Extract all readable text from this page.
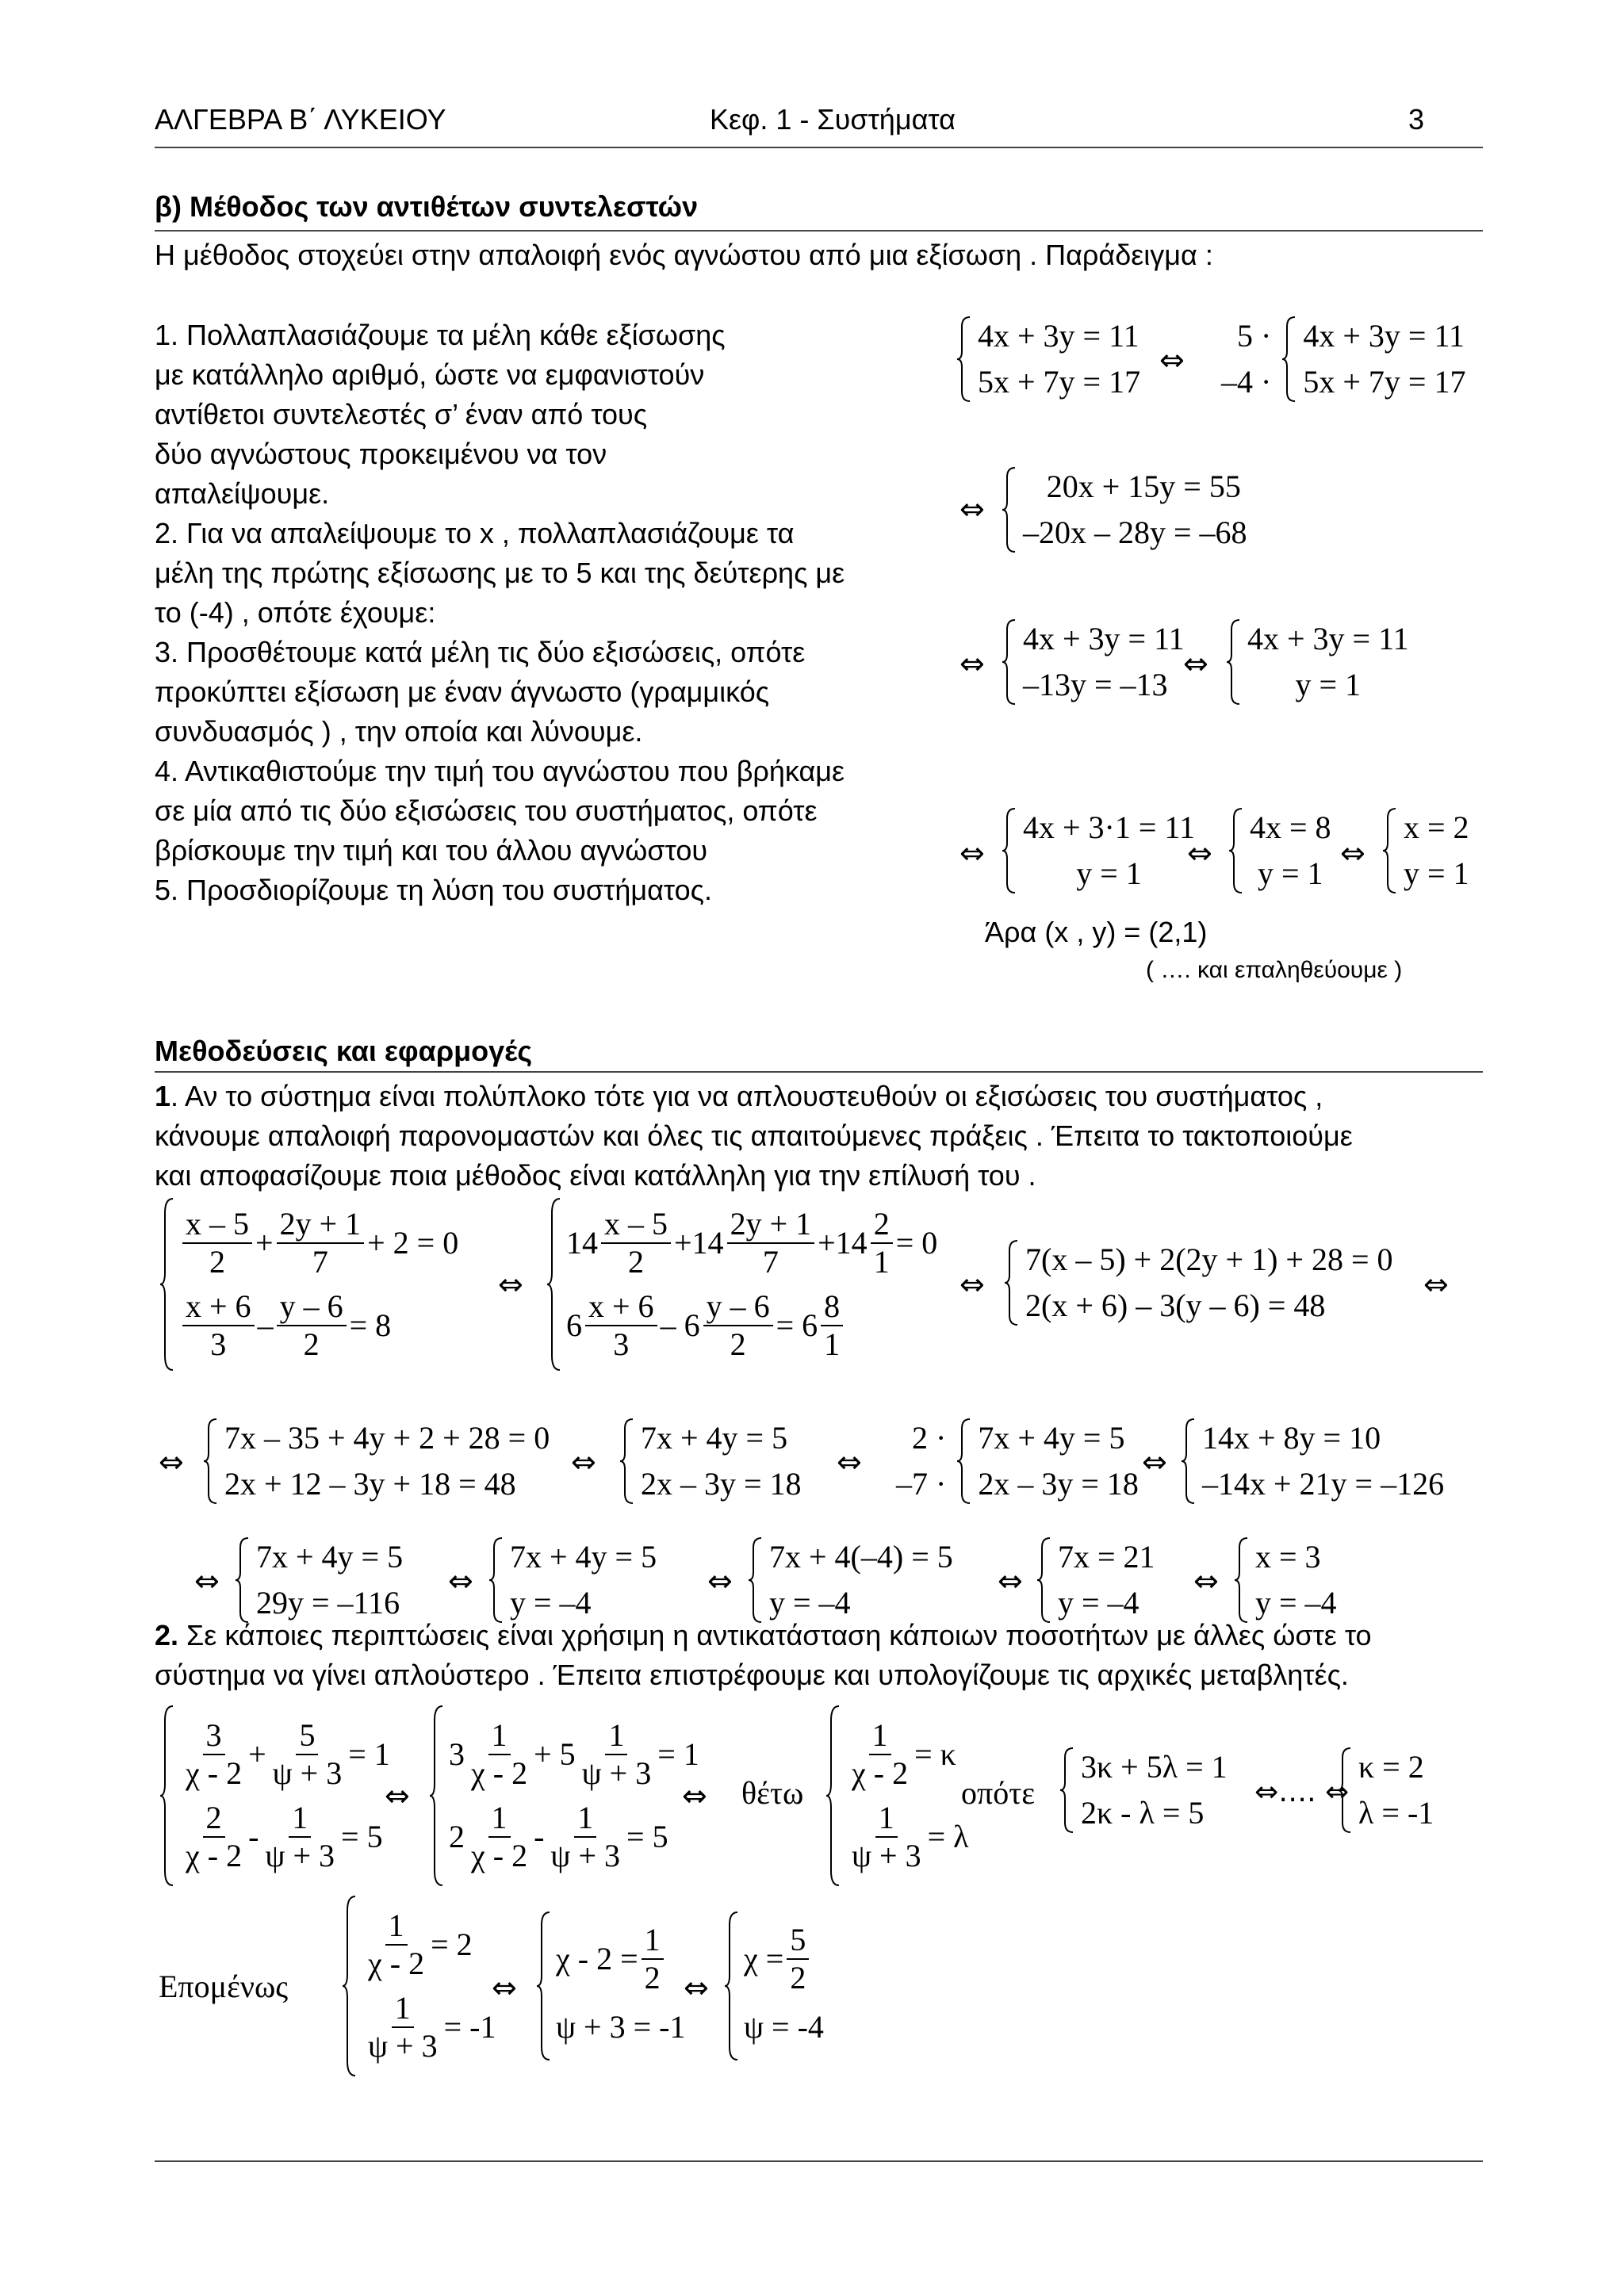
ΑΛΓΕΒΡΑ Β΄ ΛΥΚΕΙΟΥ	Κεφ. 1 - Συστήματα	3
β) Μέθοδος των αντιθέτων συντελεστών
Η μέθοδος στοχεύει στην απαλοιφή ενός αγνώστου από μια εξίσωση . Παράδειγμα :
1. Πολλαπλασιάζουμε τα μέλη κάθε εξίσωσης
με κατάλληλο αριθμό, ώστε να εμφανιστούν
αντίθετοι συντελεστές σ’ έναν από τους
δύο αγνώστους προκειμένου να τον
απαλείψουμε.
2. Για να απαλείψουμε το x , πολλαπλασιάζουμε τα
μέλη της πρώτης εξίσωσης με το 5 και της δεύτερης με
το (-4) , οπότε έχουμε:
3. Προσθέτουμε κατά μέλη τις δύο εξισώσεις, οπότε
προκύπτει εξίσωση με έναν άγνωστο (γραμμικός
συνδυασμός ) , την οποία και λύνουμε.
4. Αντικαθιστούμε την τιμή του αγνώστου που βρήκαμε
σε μία από τις δύο εξισώσεις του συστήματος, οπότε
βρίσκουμε την τιμή και του άλλου αγνώστου
5. Προσδιορίζουμε τη λύση του συστήματος.
4x + 3y = 11
5x + 7y = 17
⇔
5 ·
–4 ·
4x + 3y = 11
5x + 7y = 17
⇔
20x + 15y = 55
–20x – 28y = –68
⇔
4x + 3y = 11
–13y = –13
⇔
4x + 3y = 11
y = 1
⇔
4x + 3·1 = 11
y = 1
⇔
4x = 8
y = 1
⇔
x = 2
y = 1
Άρα (x , y) = (2,1)
( …. και επαληθεύουμε )
Μεθοδεύσεις και εφαρμογές
1. Αν το σύστημα είναι πολύπλοκο τότε για να απλουστευθούν οι εξισώσεις του συστήματος ,
κάνουμε απαλοιφή παρονομαστών και όλες τις απαιτούμενες πράξεις . Έπειτα το τακτοποιούμε
και αποφασίζουμε ποια μέθοδος είναι κατάλληλη για την επίλυσή του .
$\frac{x - 5}{2} + \frac{2y + 1}{7} + 2 = 0$
$\frac{x + 6}{3} - \frac{y - 6}{2} = 8$
⇔
$14 \frac{x - 5}{2} +14 \frac{2y + 1}{7} +14 \frac{2}{1} = 0$
$6 \frac{x + 6}{3} - 6 \frac{y - 6}{2} = 6 \frac{8}{1}$
⇔
7(x – 5) + 2(2y + 1) + 28 = 0
2(x + 6) – 3(y – 6) = 48
⇔
⇔
7x – 35 + 4y + 2 + 28 = 0
2x + 12 – 3y + 18 = 48
⇔
7x + 4y = 5
2x – 3y = 18
⇔
2 ·
–7 ·
7x + 4y = 5
2x – 3y = 18
⇔
14x + 8y = 10
–14x + 21y = –126
⇔
7x + 4y = 5
29y = –116
⇔
7x + 4y = 5
y = –4
⇔
7x + 4(–4) = 5
y = –4
⇔
7x = 21
y = –4
⇔
x = 3
y = –4
2. Σε κάποιες περιπτώσεις είναι χρήσιμη η αντικατάσταση κάποιων ποσοτήτων με άλλες ώστε το
σύστημα να γίνει απλούστερο . Έπειτα επιστρέφουμε και υπολογίζουμε τις αρχικές μεταβλητές.
$\frac{3}{\chi - 2} + \frac{5}{\psi + 3} = 1$
$\frac{2}{\chi - 2} - \frac{1}{\psi + 3} = 5$
⇔
$3 \frac{1}{\chi - 2} + 5 \frac{1}{\psi + 3} = 1$
$2 \frac{1}{\chi - 2} - \frac{1}{\psi + 3} = 5$
⇔ θέτω
$\frac{1}{\chi - 2} = \kappa$
$\frac{1}{\psi + 3} = \lambda$
οπότε
3κ + 5λ = 1
2κ - λ = 5
⇔…. ⇔
κ = 2
λ = -1
Επομένως
$\frac{1}{\chi - 2} = 2$
$\frac{1}{\psi + 3} = -1$
⇔
$\chi - 2 = \frac{1}{2}$
ψ + 3 = -1
⇔
$\chi = \frac{5}{2}$
ψ = -4
